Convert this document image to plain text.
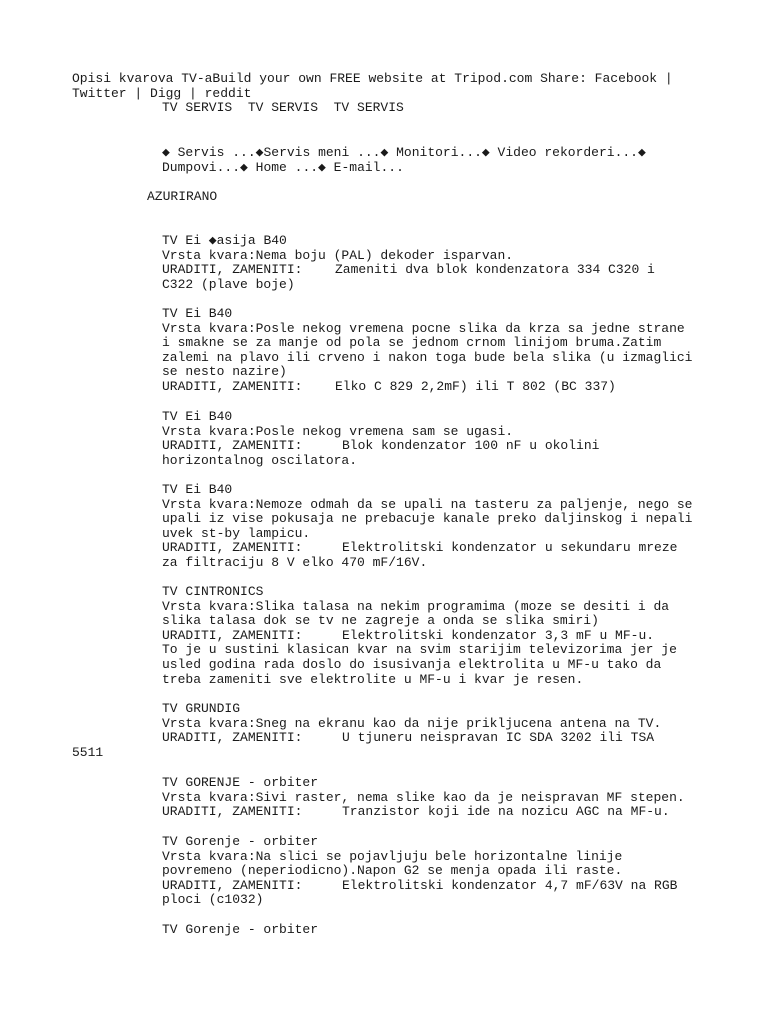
Opisi kvarova TV-aBuild your own FREE website at Tripod.com Share: Facebook |
Twitter | Digg | reddit
TV SERVIS  TV SERVIS  TV SERVIS
◆ Servis ...◆Servis meni ...◆ Monitori...◆ Video rekorderi...◆
Dumpovi...◆ Home ...◆ E-mail...
AZURIRANO
TV Ei ◆asija B40
Vrsta kvara:Nema boju (PAL) dekoder isparvan.
URADITI, ZAMENITI:	Zameniti dva blok kondenzatora 334 C320 i
C322 (plave boje)
TV Ei B40
Vrsta kvara:Posle nekog vremena pocne slika da krza sa jedne strane
i smakne se za manje od pola se jednom crnom linijom bruma.Zatim
zalemi na plavo ili crveno i nakon toga bude bela slika (u izmaglici
se nesto nazire)
URADITI, ZAMENITI:	Elko C 829 2,2mF) ili T 802 (BC 337)
TV Ei B40
Vrsta kvara:Posle nekog vremena sam se ugasi.
URADITI, ZAMENITI:	Blok kondenzator 100 nF u okolini
horizontalnog oscilatora.
TV Ei B40
Vrsta kvara:Nemoze odmah da se upali na tasteru za paljenje, nego se
upali iz vise pokusaja ne prebacuje kanale preko daljinskog i nepali
uvek st-by lampicu.
URADITI, ZAMENITI:	Elektrolitski kondenzator u sekundaru mreze
za filtraciju 8 V elko 470 mF/16V.
TV CINTRONICS
Vrsta kvara:Slika talasa na nekim programima (moze se desiti i da
slika talasa dok se tv ne zagreje a onda se slika smiri)
URADITI, ZAMENITI:	Elektrolitski kondenzator 3,3 mF u MF-u.
To je u sustini klasican kvar na svim starijim televizorima jer je
usled godina rada doslo do isusivanja elektrolita u MF-u tako da
treba zameniti sve elektrolite u MF-u i kvar je resen.
TV GRUNDIG
Vrsta kvara:Sneg na ekranu kao da nije prikljucena antena na TV.
URADITI, ZAMENITI:	U tjuneru neispravan IC SDA 3202 ili TSA
5511
TV GORENJE - orbiter
Vrsta kvara:Sivi raster, nema slike kao da je neispravan MF stepen.
URADITI, ZAMENITI:	Tranzistor koji ide na nozicu AGC na MF-u.
TV Gorenje - orbiter
Vrsta kvara:Na slici se pojavljuju bele horizontalne linije
povremeno (neperiodicno).Napon G2 se menja opada ili raste.
URADITI, ZAMENITI:	Elektrolitski kondenzator 4,7 mF/63V na RGB
ploci (c1032)
TV Gorenje - orbiter
